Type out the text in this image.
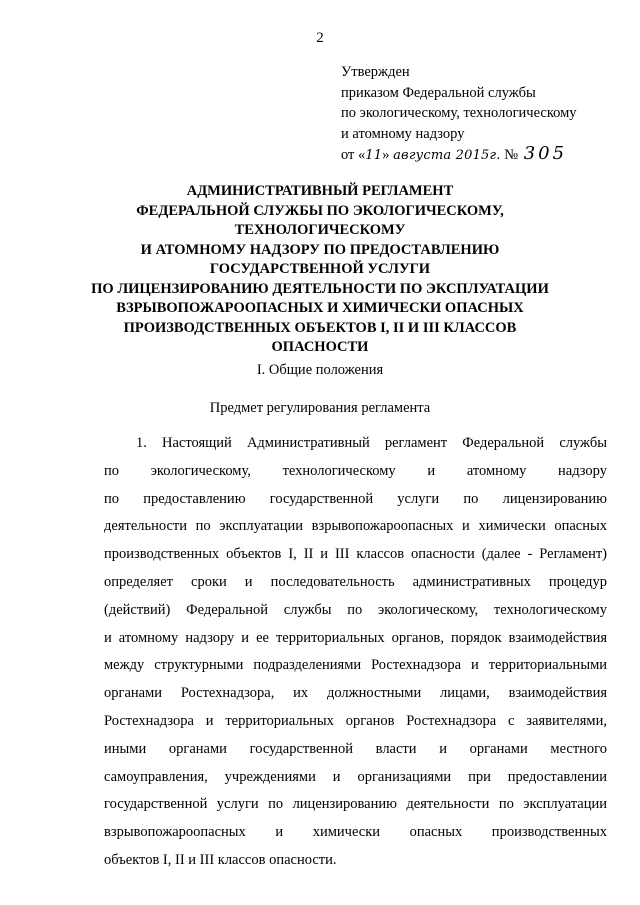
2
Утвержден
приказом Федеральной службы
по экологическому, технологическому
и атомному надзору
от «11» августа 2015г. № 305
АДМИНИСТРАТИВНЫЙ РЕГЛАМЕНТ
ФЕДЕРАЛЬНОЙ СЛУЖБЫ ПО ЭКОЛОГИЧЕСКОМУ,
ТЕХНОЛОГИЧЕСКОМУ
И АТОМНОМУ НАДЗОРУ ПО ПРЕДОСТАВЛЕНИЮ
ГОСУДАРСТВЕННОЙ УСЛУГИ
ПО ЛИЦЕНЗИРОВАНИЮ ДЕЯТЕЛЬНОСТИ ПО ЭКСПЛУАТАЦИИ
ВЗРЫВОПОЖАРООПАСНЫХ И ХИМИЧЕСКИ ОПАСНЫХ
ПРОИЗВОДСТВЕННЫХ ОБЪЕКТОВ I, II И III КЛАССОВ
ОПАСНОСТИ
I. Общие положения
Предмет регулирования регламента
1. Настоящий Административный регламент Федеральной службы
по экологическому, технологическому и атомному надзору
по предоставлению государственной услуги по лицензированию
деятельности по эксплуатации взрывопожароопасных и химически опасных
производственных объектов I, II и III классов опасности (далее - Регламент)
определяет сроки и последовательность административных процедур
(действий) Федеральной службы по экологическому, технологическому
и атомному надзору и ее территориальных органов, порядок взаимодействия
между структурными подразделениями Ростехнадзора и территориальными
органами Ростехнадзора, их должностными лицами, взаимодействия
Ростехнадзора и территориальных органов Ростехнадзора с заявителями,
иными органами государственной власти и органами местного
самоуправления, учреждениями и организациями при предоставлении
государственной услуги по лицензированию деятельности по эксплуатации
взрывопожароопасных и химически опасных производственных
объектов I, II и III классов опасности.
